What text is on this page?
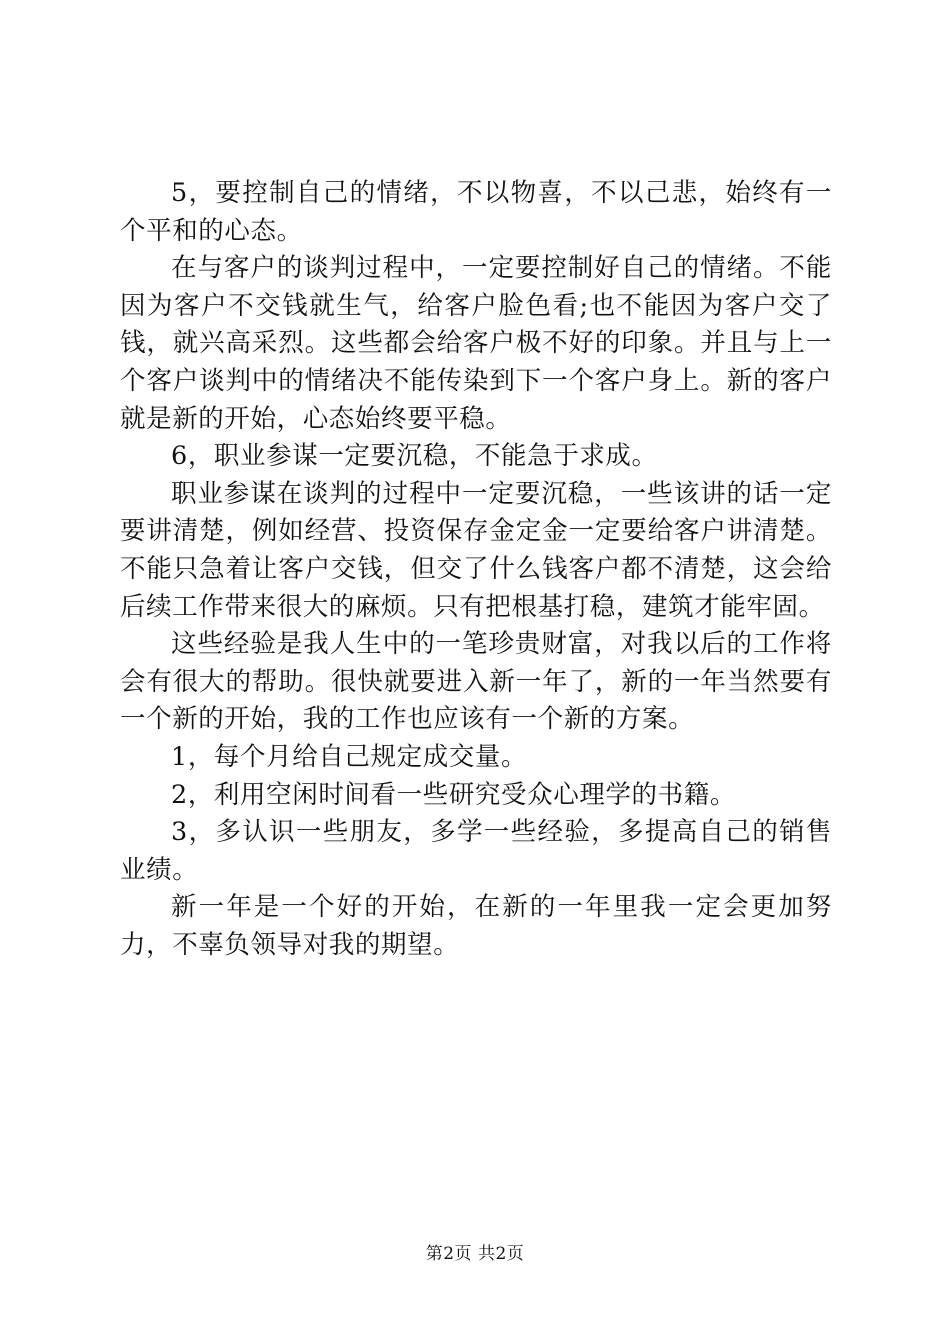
5，要控制自己的情绪，不以物喜，不以己悲，始终有一个平和的心态。

在与客户的谈判过程中，一定要控制好自己的情绪。不能因为客户不交钱就生气，给客户脸色看;也不能因为客户交了钱，就兴高采烈。这些都会给客户极不好的印象。并且与上一个客户谈判中的情绪决不能传染到下一个客户身上。新的客户就是新的开始，心态始终要平稳。

6，职业参谋一定要沉稳，不能急于求成。

职业参谋在谈判的过程中一定要沉稳，一些该讲的话一定要讲清楚，例如经营、投资保存金定金一定要给客户讲清楚。不能只急着让客户交钱，但交了什么钱客户都不清楚，这会给后续工作带来很大的麻烦。只有把根基打稳，建筑才能牢固。

这些经验是我人生中的一笔珍贵财富，对我以后的工作将会有很大的帮助。很快就要进入新一年了，新的一年当然要有一个新的开始，我的工作也应该有一个新的方案。

1，每个月给自己规定成交量。

2，利用空闲时间看一些研究受众心理学的书籍。

3，多认识一些朋友，多学一些经验，多提高自己的销售业绩。

新一年是一个好的开始，在新的一年里我一定会更加努力，不辜负领导对我的期望。

第2页 共2页
